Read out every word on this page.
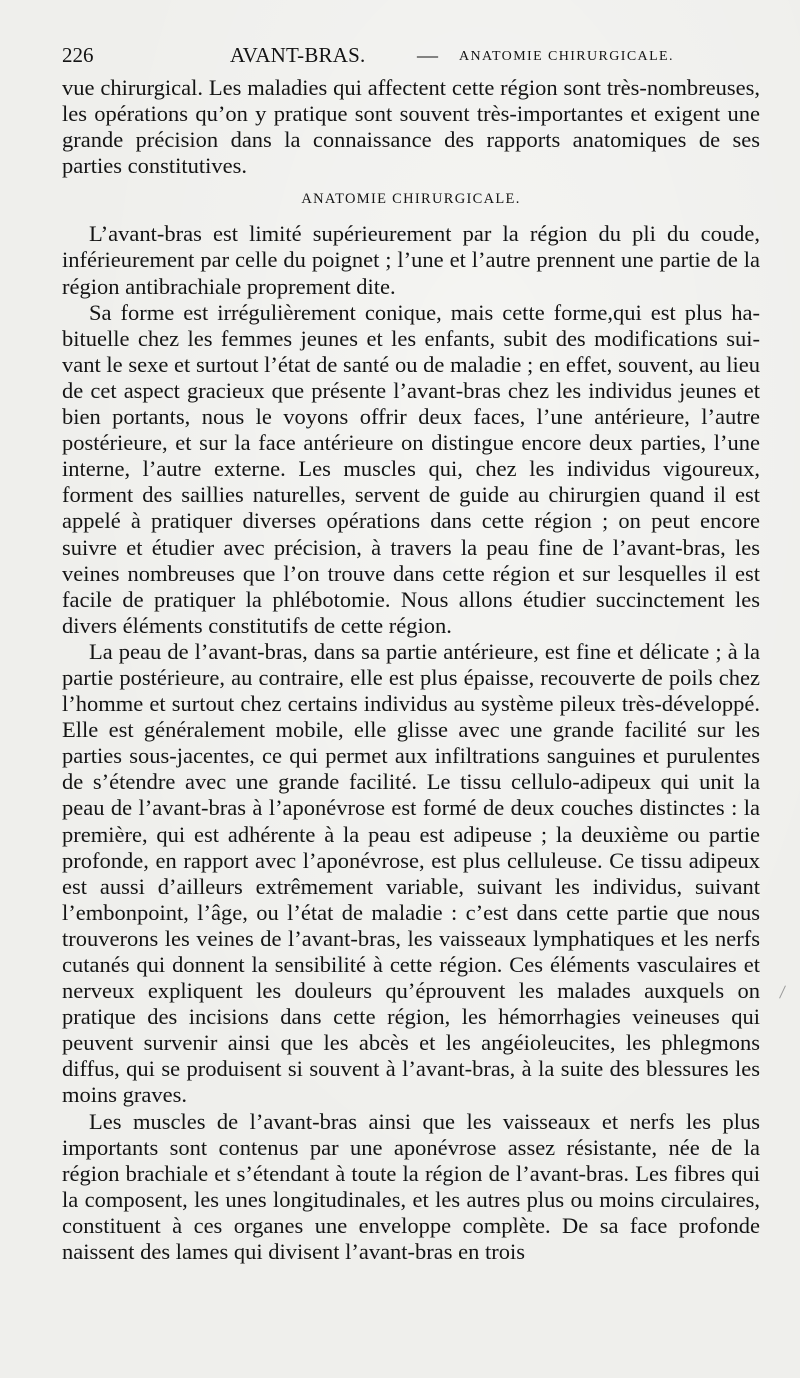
226	AVANT-BRAS. — ANATOMIE CHIRURGICALE.

vue chirurgical. Les maladies qui affectent cette région sont très-nombreuses, les opérations qu’on y pratique sont souvent très-importantes et exigent une grande précision dans la connaissance des rapports anatomiques de ses parties constitutives.

ANATOMIE CHIRURGICALE.

L’avant-bras est limité supérieurement par la région du pli du coude, inférieurement par celle du poignet ; l’une et l’autre prennent une partie de la région antibrachiale proprement dite.

Sa forme est irrégulièrement conique, mais cette forme,qui est plus habituelle chez les femmes jeunes et les enfants, subit des modifications suivant le sexe et surtout l’état de santé ou de maladie ; en effet, souvent, au lieu de cet aspect gracieux que présente l’avant-bras chez les individus jeunes et bien portants, nous le voyons offrir deux faces, l’une antérieure, l’autre postérieure, et sur la face antérieure on distingue encore deux parties, l’une interne, l’autre externe. Les muscles qui, chez les individus vigoureux, forment des saillies naturelles, servent de guide au chirurgien quand il est appelé à pratiquer diverses opérations dans cette région ; on peut encore suivre et étudier avec précision, à travers la peau fine de l’avant-bras, les veines nombreuses que l’on trouve dans cette région et sur lesquelles il est facile de pratiquer la phlébotomie. Nous allons étudier succinctement les divers éléments constitutifs de cette région.

La peau de l’avant-bras, dans sa partie antérieure, est fine et délicate ; à la partie postérieure, au contraire, elle est plus épaisse, recouverte de poils chez l’homme et surtout chez certains individus au système pileux très-développé. Elle est généralement mobile, elle glisse avec une grande facilité sur les parties sous-jacentes, ce qui permet aux infiltrations sanguines et purulentes de s’étendre avec une grande facilité. Le tissu cellulo-adipeux qui unit la peau de l’avant-bras à l’aponévrose est formé de deux couches distinctes : la première, qui est adhérente à la peau est adipeuse ; la deuxième ou partie profonde, en rapport avec l’aponévrose, est plus celluleuse. Ce tissu adipeux est aussi d’ailleurs extrêmement variable, suivant les individus, suivant l’embonpoint, l’âge, ou l’état de maladie : c’est dans cette partie que nous trouverons les veines de l’avant-bras, les vaisseaux lymphatiques et les nerfs cutanés qui donnent la sensibilité à cette région. Ces éléments vasculaires et nerveux expliquent les douleurs qu’éprouvent les malades auxquels on pratique des incisions dans cette région, les hémorrhagies veineuses qui peuvent survenir ainsi que les abcès et les angéioleucites, les phlegmons diffus, qui se produisent si souvent à l’avant-bras, à la suite des blessures les moins graves.

Les muscles de l’avant-bras ainsi que les vaisseaux et nerfs les plus importants sont contenus par une aponévrose assez résistante, née de la région brachiale et s’étendant à toute la région de l’avant-bras. Les fibres qui la composent, les unes longitudinales, et les autres plus ou moins circulaires, constituent à ces organes une enveloppe complète. De sa face profonde naissent des lames qui divisent l’avant-bras en trois
